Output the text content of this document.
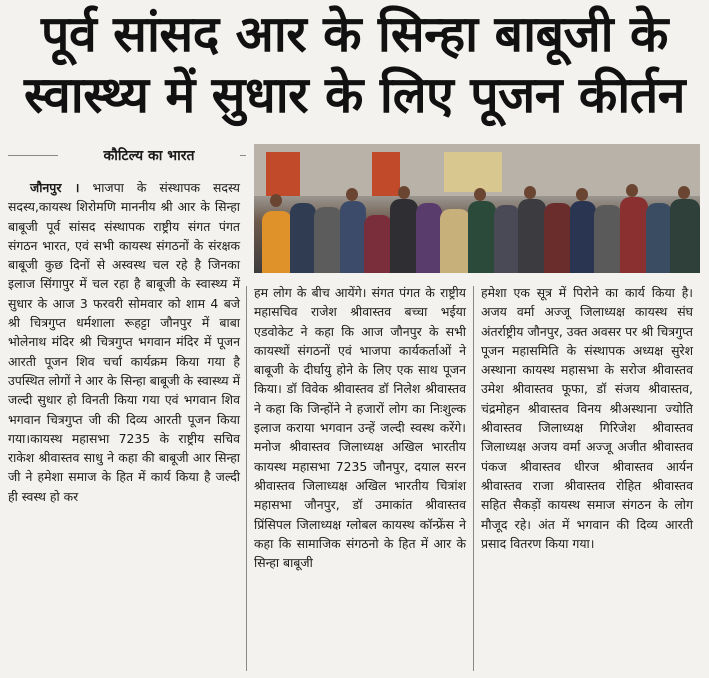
पूर्व सांसद आर के सिन्हा बाबूजी के
स्वास्थ्य में सुधार के लिए पूजन कीर्तन
कौटिल्य का भारत

जौनपुर । भाजपा के संस्थापक सदस्य सदस्य,कायस्थ शिरोमणि माननीय श्री आर के सिन्हा बाबूजी पूर्व सांसद संस्थापक राष्ट्रीय संगत पंगत संगठन भारत, एवं सभी कायस्थ संगठनों के संरक्षक बाबूजी कुछ दिनों से अस्वस्थ चल रहे है जिनका इलाज सिंगापुर में चल रहा है बाबूजी के स्वास्थ्य में सुधार के आज 3 फरवरी सोमवार को शाम 4 बजे श्री चित्रगुप्त धर्मशाला रूहट्टा जौनपुर में बाबा भोलेनाथ मंदिर श्री चित्रगुप्त भगवान मंदिर में पूजन आरती पूजन शिव चर्चा कार्यक्रम किया गया है उपस्थित लोगों ने आर के सिन्हा बाबूजी के स्वास्थ्य में जल्दी सुधार हो विनती किया गया एवं भगवान शिव भगवान चित्रगुप्त जी की दिव्य आरती पूजन किया गया।कायस्थ महासभा 7235 के राष्ट्रीय सचिव राकेश श्रीवास्तव साधु ने कहा की बाबूजी आर सिन्हा जी ने हमेशा समाज के हित में कार्य किया है जल्दी ही स्वस्थ हो कर

हम लोग के बीच आयेंगे। संगत पंगत के राष्ट्रीय महासचिव राजेश श्रीवास्तव बच्चा भईया एडवोकेट ने कहा कि आज जौनपुर के सभी कायस्थों संगठनों एवं भाजपा कार्यकर्ताओं ने बाबूजी के दीर्घायु होने के लिए एक साथ पूजन किया। डॉ विवेक श्रीवास्तव डॉ निलेश श्रीवास्तव ने कहा कि जिन्होंने ने हजारों लोग का निःशुल्क इलाज कराया भगवान उन्हें जल्दी स्वस्थ करेंगे। मनोज श्रीवास्तव जिलाध्यक्ष अखिल भारतीय कायस्थ महासभा 7235 जौनपुर, दयाल सरन श्रीवास्तव जिलाध्यक्ष अखिल भारतीय चित्रांश महासभा जौनपुर, डॉ उमाकांत श्रीवास्तव प्रिंसिपल जिलाध्यक्ष ग्लोबल कायस्थ कॉन्फ्रेंस ने कहा कि सामाजिक संगठनो के हित में आर के सिन्हा बाबूजी

हमेशा एक सूत्र में पिरोने का कार्य किया है।अजय वर्मा अज्जू जिलाध्यक्ष कायस्थ संघ अंतर्राष्ट्रीय जौनपुर, उक्त अवसर पर श्री चित्रगुप्त पूजन महासमिति के संस्थापक अध्यक्ष सुरेश अस्थाना कायस्थ महासभा के सरोज श्रीवास्तव उमेश श्रीवास्तव फूफा, डॉ संजय श्रीवास्तव, चंद्रमोहन श्रीवास्तव विनय श्रीअस्थाना ज्योति श्रीवास्तव जिलाध्यक्ष गिरिजेश श्रीवास्तव जिलाध्यक्ष अजय वर्मा अज्जू अजीत श्रीवास्तव पंकज श्रीवास्तव धीरज श्रीवास्तव आर्यन श्रीवास्तव राजा श्रीवास्तव रोहित श्रीवास्तव सहित सैकड़ों कायस्थ समाज संगठन के लोग मौजूद रहे। अंत में भगवान की दिव्य आरती प्रसाद वितरण किया गया।
